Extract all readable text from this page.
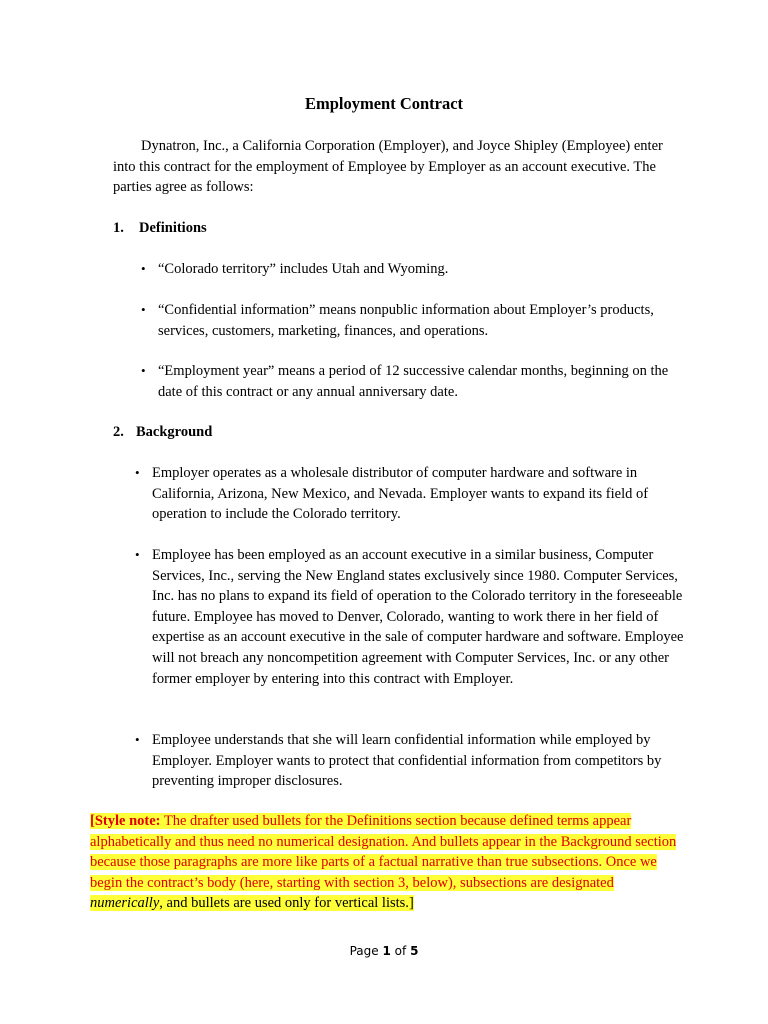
Employment Contract

Dynatron, Inc., a California Corporation (Employer), and Joyce Shipley (Employee) enter into this contract for the employment of Employee by Employer as an account executive. The parties agree as follows:

1. Definitions

• “Colorado territory” includes Utah and Wyoming.

• “Confidential information” means nonpublic information about Employer’s products, services, customers, marketing, finances, and operations.

• “Employment year” means a period of 12 successive calendar months, beginning on the date of this contract or any annual anniversary date.

2. Background

• Employer operates as a wholesale distributor of computer hardware and software in California, Arizona, New Mexico, and Nevada. Employer wants to expand its field of operation to include the Colorado territory.

• Employee has been employed as an account executive in a similar business, Computer Services, Inc., serving the New England states exclusively since 1980. Computer Services, Inc. has no plans to expand its field of operation to the Colorado territory in the foreseeable future. Employee has moved to Denver, Colorado, wanting to work there in her field of expertise as an account executive in the sale of computer hardware and software. Employee will not breach any noncompetition agreement with Computer Services, Inc. or any other former employer by entering into this contract with Employer.

• Employee understands that she will learn confidential information while employed by Employer. Employer wants to protect that confidential information from competitors by preventing improper disclosures.

[Style note: The drafter used bullets for the Definitions section because defined terms appear alphabetically and thus need no numerical designation. And bullets appear in the Background section because those paragraphs are more like parts of a factual narrative than true subsections. Once we begin the contract’s body (here, starting with section 3, below), subsections are designated numerically, and bullets are used only for vertical lists.]

Page 1 of 5
